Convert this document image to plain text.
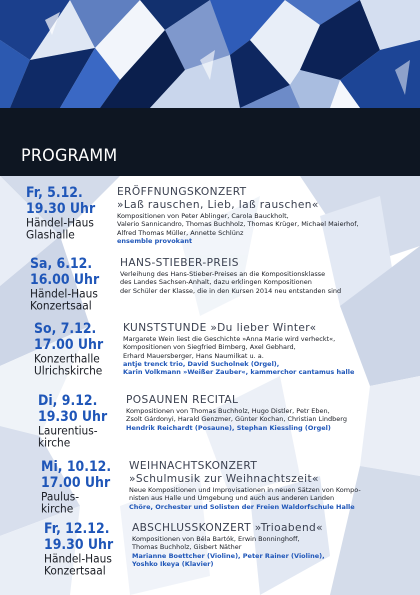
PROGRAMM
Fr, 5.12.
19.30 Uhr
Händel-Haus
Glashalle
ERÖFFNUNGSKONZERT
»Laß rauschen, Lieb, laß rauschen«
Kompositionen von Peter Ablinger, Carola Bauckholt,
Valerio Sannicandro, Thomas Buchholz, Thomas Krüger, Michael Maierhof,
Alfred Thomas Müller, Annette Schlünz
ensemble provokant
Sa, 6.12.
16.00 Uhr
Händel-Haus
Konzertsaal
HANS-STIEBER-PREIS
Verleihung des Hans-Stieber-Preises an die Kompositionsklasse
des Landes Sachsen-Anhalt, dazu erklingen Kompositionen
der Schüler der Klasse, die in den Kursen 2014 neu entstanden sind
So, 7.12.
17.00 Uhr
Konzerthalle
Ulrichskirche
KUNSTSTUNDE »Du lieber Winter«
Margarete Wein liest die Geschichte »Anna Marie wird verheckt«,
Kompositionen von Siegfried Bimberg, Axel Gebhard,
Erhard Mauersberger, Hans Naumilkat u. a.
antje trenck trio, David Sucholnek (Orgel),
Karin Volkmann »Weißer Zauber«, kammerchor cantamus halle
Di, 9.12.
19.30 Uhr
Laurentius-
kirche
POSAUNEN RECITAL
Kompositionen von Thomas Buchholz, Hugo Distler, Petr Eben,
Zsolt Gárdonyi, Harald Genzmer, Günter Kochan, Christian Lindberg
Hendrik Reichardt (Posaune), Stephan Kiessling (Orgel)
Mi, 10.12.
17.00 Uhr
Paulus-
kirche
WEIHNACHTSKONZERT
»Schulmusik zur Weihnachtszeit«
Neue Kompositionen und Improvisationen in neuen Sätzen von Kompo-
nisten aus Halle und Umgebung und auch aus anderen Landen
Chöre, Orchester und Solisten der Freien Waldorfschule Halle
Fr, 12.12.
19.30 Uhr
Händel-Haus
Konzertsaal
ABSCHLUSSKONZERT »Trioabend«
Kompositionen von Béla Bartók, Erwin Bonninghoff,
Thomas Buchholz, Gisbert Näther
Marianne Boettcher (Violine), Peter Rainer (Violine),
Yoshko Ikeya (Klavier)
